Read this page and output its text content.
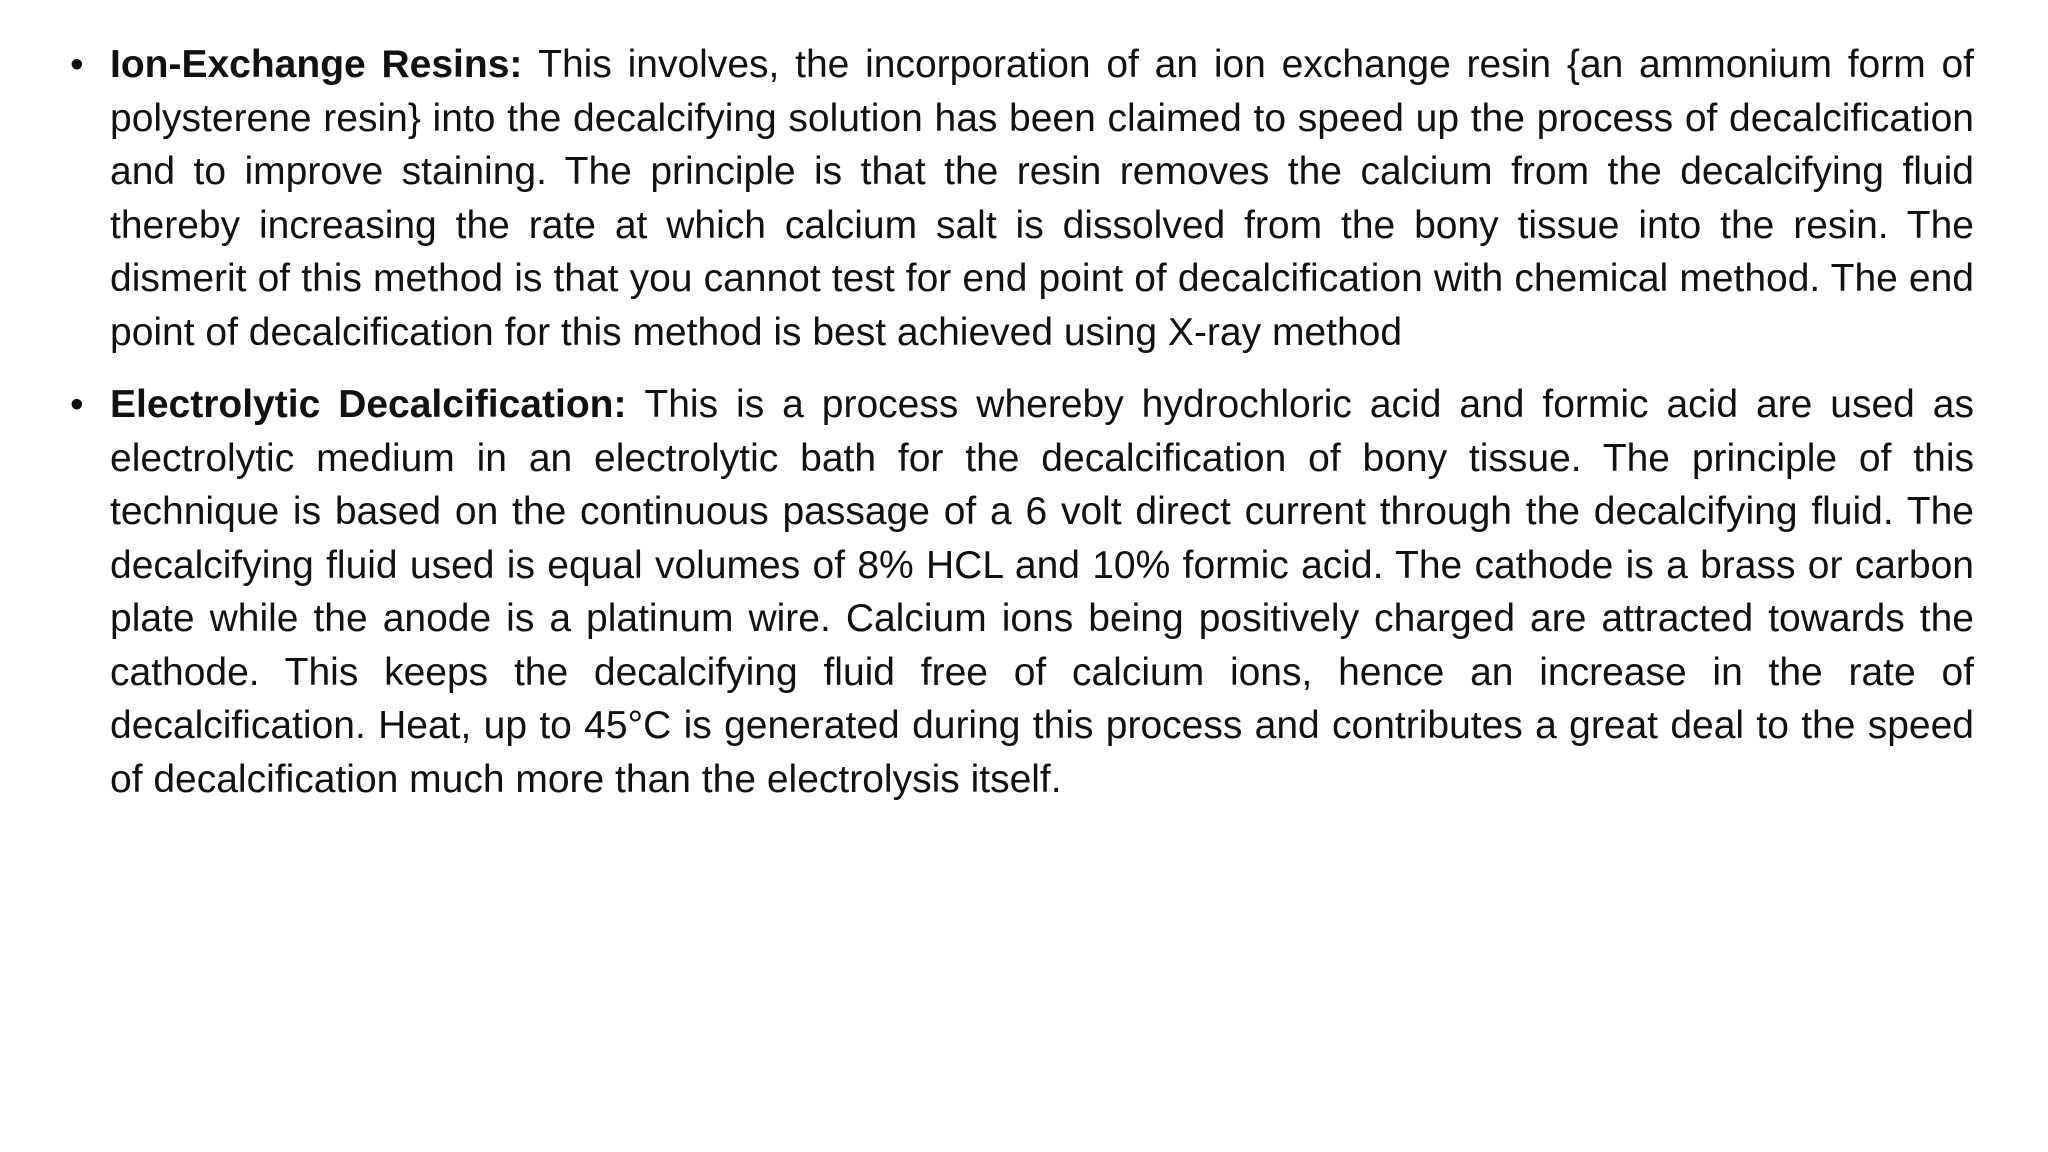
• Ion-Exchange Resins: This involves, the incorporation of an ion exchange resin {an ammonium form of polysterene resin} into the decalcifying solution has been claimed to speed up the process of decalcification and to improve staining. The principle is that the resin removes the calcium from the decalcifying fluid thereby increasing the rate at which calcium salt is dissolved from the bony tissue into the resin. The dismerit of this method is that you cannot test for end point of decalcification with chemical method. The end point of decalcification for this method is best achieved using X-ray method
• Electrolytic Decalcification: This is a process whereby hydrochloric acid and formic acid are used as electrolytic medium in an electrolytic bath for the decalcification of bony tissue. The principle of this technique is based on the continuous passage of a 6 volt direct current through the decalcifying fluid. The decalcifying fluid used is equal volumes of 8% HCL and 10% formic acid. The cathode is a brass or carbon plate while the anode is a platinum wire. Calcium ions being positively charged are attracted towards the cathode. This keeps the decalcifying fluid free of calcium ions, hence an increase in the rate of decalcification. Heat, up to 45°C is generated during this process and contributes a great deal to the speed of decalcification much more than the electrolysis itself.
